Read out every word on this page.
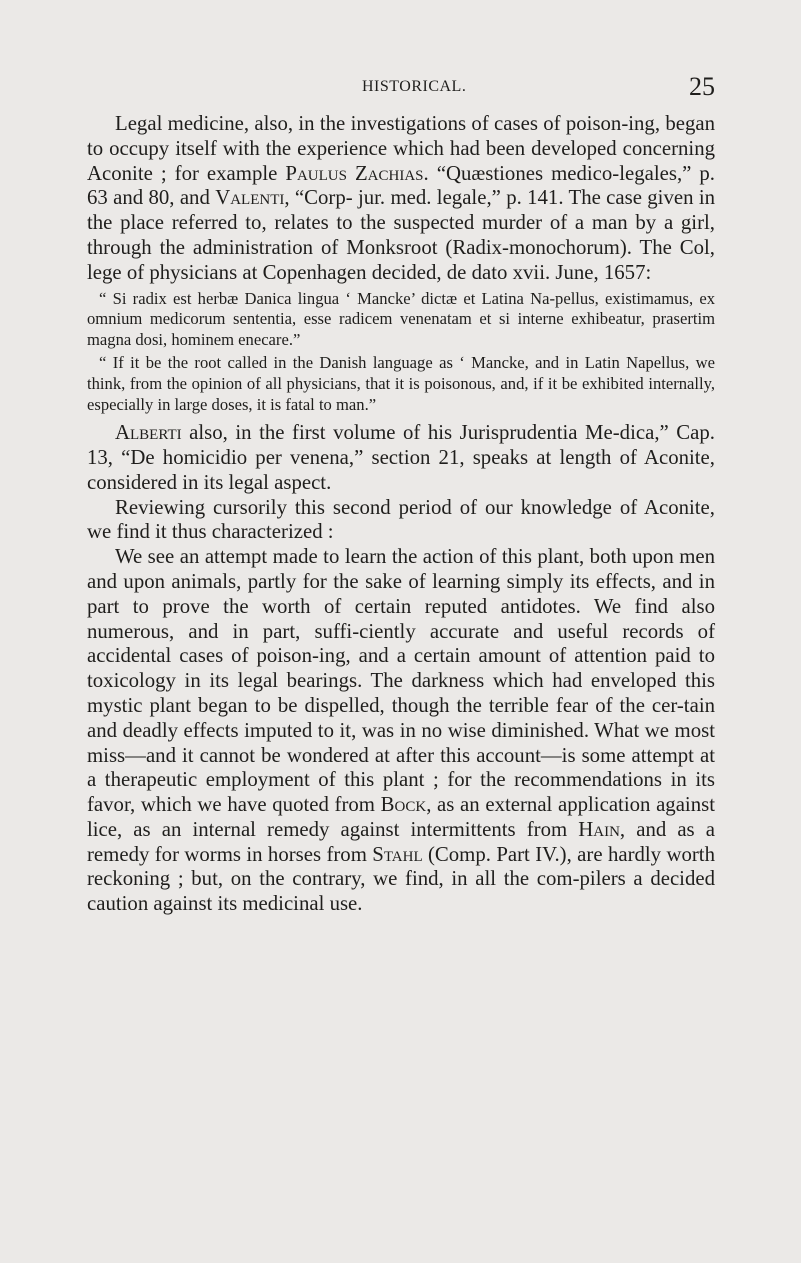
HISTORICAL.	25

Legal medicine, also, in the investigations of cases of poison-ing, began to occupy itself with the experience which had been developed concerning Aconite ; for example Paulus Zachias. “Quæstiones medico-legales,” p. 63 and 80, and Valenti, “Corp- jur. med. legale,” p. 141. The case given in the place referred to, relates to the suspected murder of a man by a girl, through the administration of Monksroot (Radix-monochorum). The Col, lege of physicians at Copenhagen decided, de dato xvii. June, 1657:

“ Si radix est herbæ Danica lingua ‘ Mancke’ dictæ et Latina Na-pellus, existimamus, ex omnium medicorum sententia, esse radicem venenatam et si interne exhibeatur, prasertim magna dosi, hominem enecare.”

“ If it be the root called in the Danish language as ‘ Mancke, and in Latin Napellus, we think, from the opinion of all physicians, that it is poisonous, and, if it be exhibited internally, especially in large doses, it is fatal to man.”

Alberti also, in the first volume of his Jurisprudentia Me-dica,” Cap. 13, “De homicidio per venena,” section 21, speaks at length of Aconite, considered in its legal aspect.

Reviewing cursorily this second period of our knowledge of Aconite, we find it thus characterized :

We see an attempt made to learn the action of this plant, both upon men and upon animals, partly for the sake of learning simply its effects, and in part to prove the worth of certain reputed antidotes. We find also numerous, and in part, suffi-ciently accurate and useful records of accidental cases of poison-ing, and a certain amount of attention paid to toxicology in its legal bearings. The darkness which had enveloped this mystic plant began to be dispelled, though the terrible fear of the cer-tain and deadly effects imputed to it, was in no wise diminished. What we most miss—and it cannot be wondered at after this account—is some attempt at a therapeutic employment of this plant ; for the recommendations in its favor, which we have quoted from Bock, as an external application against lice, as an internal remedy against intermittents from Hain, and as a remedy for worms in horses from Stahl (Comp. Part IV.), are hardly worth reckoning ; but, on the contrary, we find, in all the com-pilers a decided caution against its medicinal use.
